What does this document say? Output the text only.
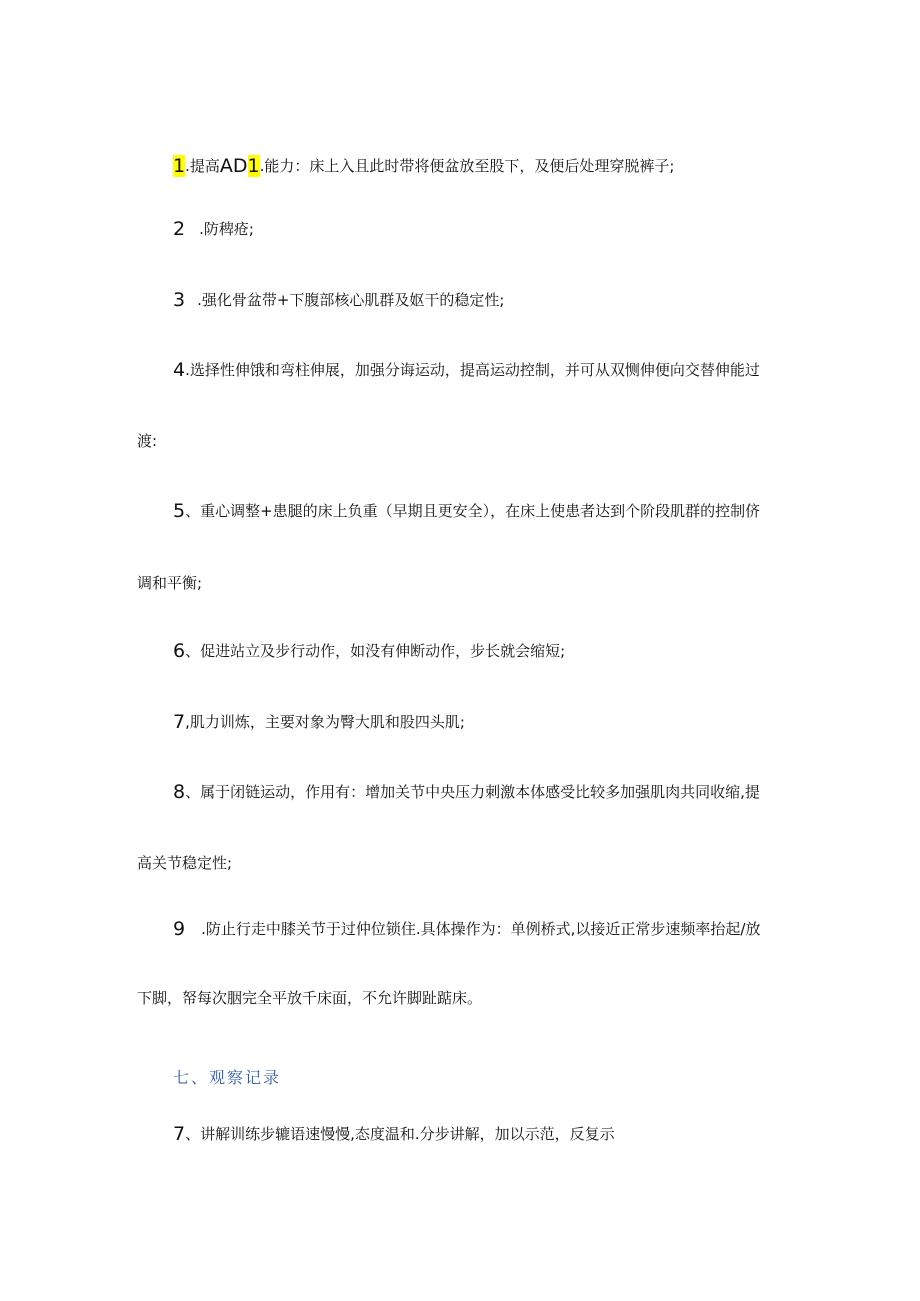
1.提高AD1.能力：床上入且此时带将便盆放至股下，及便后处理穿脱裤子;
2 .防稗疮;
3 .强化骨盆带+下腹部核心肌群及妪干的稳定性;
4.选择性伸饿和弯柱伸展，加强分诲运动，提高运动控制，并可从双恻伸便向交替伸能过
渡:
5、重心调整+患腿的床上负重（早期且更安全），在床上使患者达到个阶段肌群的控制侪
调和平衡;
6、促进站立及步行动作，如没有伸断动作，步长就会缩短;
7,肌力训炼，主要对象为臀大肌和股四头肌;
8、属于闭链运动，作用有：增加关节中央压力刺激本体感受比较多加强肌肉共同收缩,提
高关节稳定性;
9 .防止行走中膝关节于过仲位锁住.具体操作为：单例桥式,以接近正常步速频率抬起/放
下脚，帑每次胭完全平放千床面，不允许脚趾踮床。
七、观察记录
7、讲解训练步辘语速慢慢,态度温和.分步讲解，加以示范，反复示
